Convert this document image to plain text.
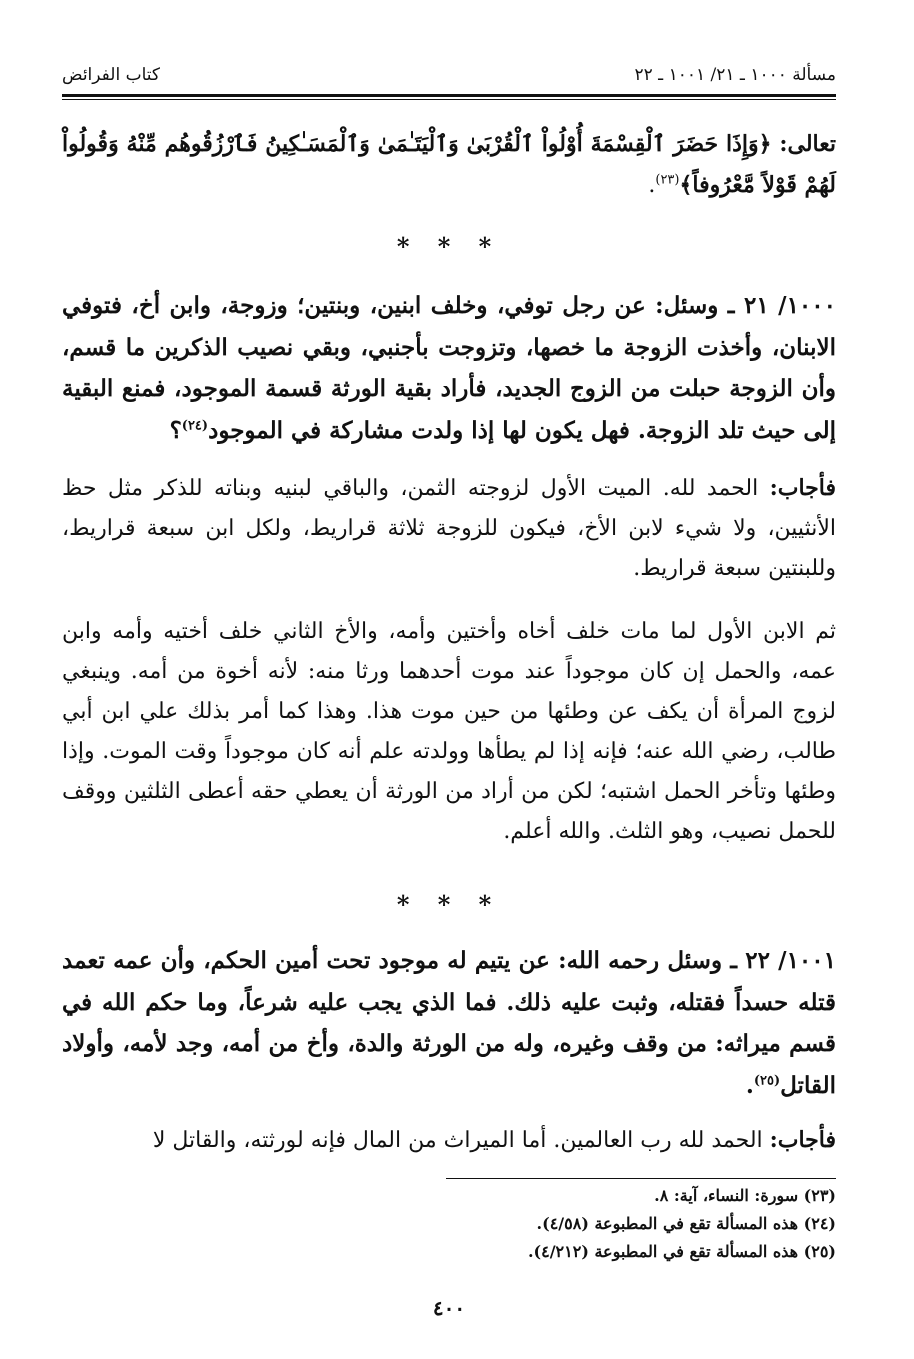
مسألة ١٠٠٠ ـ ٢١/ ١٠٠١ ـ ٢٢
كتاب الفرائض
تعالى: ﴿وَإِذَا حَضَرَ ٱلْقِسْمَةَ أُوْلُواْ ٱلْقُرْبَىٰ وَٱلْيَتَـٰمَىٰ وَٱلْمَسَـٰكِينُ فَٱرْزُقُوهُم مِّنْهُ وَقُولُواْ لَهُمْ قَوْلاً مَّعْرُوفاً﴾$^{(٢٣)}$.
* * *
١٠٠٠/ ٢١ ـ وسئل: عن رجل توفي، وخلف ابنين، وبنتين؛ وزوجة، وابن أخ، فتوفي الابنان، وأخذت الزوجة ما خصها، وتزوجت بأجنبي، وبقي نصيب الذكرين ما قسم، وأن الزوجة حبلت من الزوج الجديد، فأراد بقية الورثة قسمة الموجود، فمنع البقية إلى حيث تلد الزوجة. فهل يكون لها إذا ولدت مشاركة في الموجود$^{(٢٤)}$؟
فأجاب: الحمد لله. الميت الأول لزوجته الثمن، والباقي لبنيه وبناته للذكر مثل حظ الأنثيين، ولا شيء لابن الأخ، فيكون للزوجة ثلاثة قراريط، ولكل ابن سبعة قراريط، وللبنتين سبعة قراريط.
ثم الابن الأول لما مات خلف أخاه وأختين وأمه، والأخ الثاني خلف أختيه وأمه وابن عمه، والحمل إن كان موجوداً عند موت أحدهما ورثا منه: لأنه أخوة من أمه. وينبغي لزوج المرأة أن يكف عن وطئها من حين موت هذا. وهذا كما أمر بذلك علي ابن أبي طالب، رضي الله عنه؛ فإنه إذا لم يطأها وولدته علم أنه كان موجوداً وقت الموت. وإذا وطئها وتأخر الحمل اشتبه؛ لكن من أراد من الورثة أن يعطي حقه أعطى الثلثين ووقف للحمل نصيب، وهو الثلث. والله أعلم.
* * *
١٠٠١/ ٢٢ ـ وسئل رحمه الله: عن يتيم له موجود تحت أمين الحكم، وأن عمه تعمد قتله حسداً فقتله، وثبت عليه ذلك. فما الذي يجب عليه شرعاً، وما حكم الله في قسم ميراثه: من وقف وغيره، وله من الورثة والدة، وأخ من أمه، وجد لأمه، وأولاد القاتل$^{(٢٥)}$.
فأجاب: الحمد لله رب العالمين. أما الميراث من المال فإنه لورثته، والقاتل لا
(٢٣) سورة: النساء، آية: ٨.
(٢٤) هذه المسألة تقع في المطبوعة (٤/٥٨).
(٢٥) هذه المسألة تقع في المطبوعة (٤/٢١٢).
٤٠٠
